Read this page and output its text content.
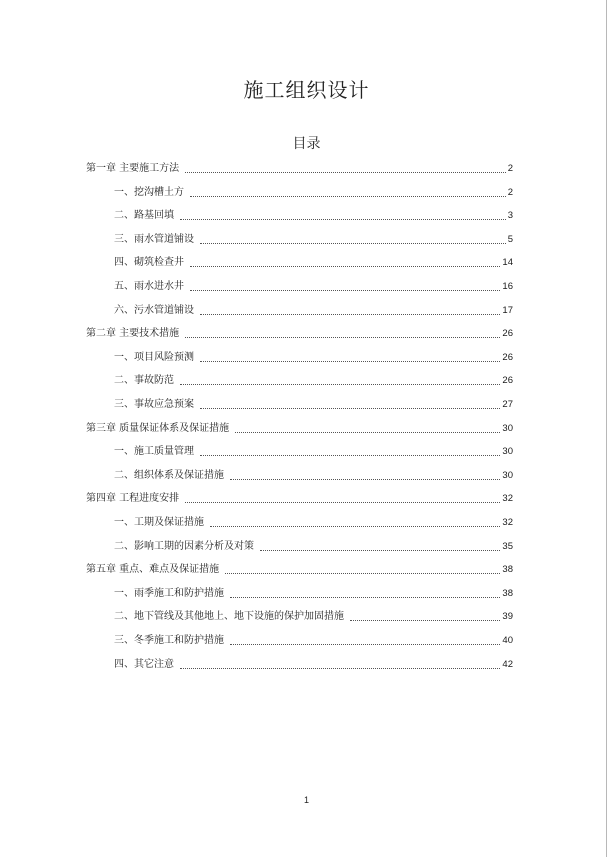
施工组织设计
目录
第一章 主要施工方法	2
一、挖沟槽土方	2
二、路基回填	3
三、雨水管道铺设	5
四、砌筑检查井	14
五、雨水进水井	16
六、污水管道铺设	17
第二章 主要技术措施	26
一、项目风险预测	26
二、事故防范	26
三、事故应急预案	27
第三章 质量保证体系及保证措施	30
一、施工质量管理	30
二、组织体系及保证措施	30
第四章 工程进度安排	32
一、工期及保证措施	32
二、影响工期的因素分析及对策	35
第五章 重点、难点及保证措施	38
一、雨季施工和防护措施	38
二、地下管线及其他地上、地下设施的保护加固措施	39
三、冬季施工和防护措施	40
四、其它注意	42
1
